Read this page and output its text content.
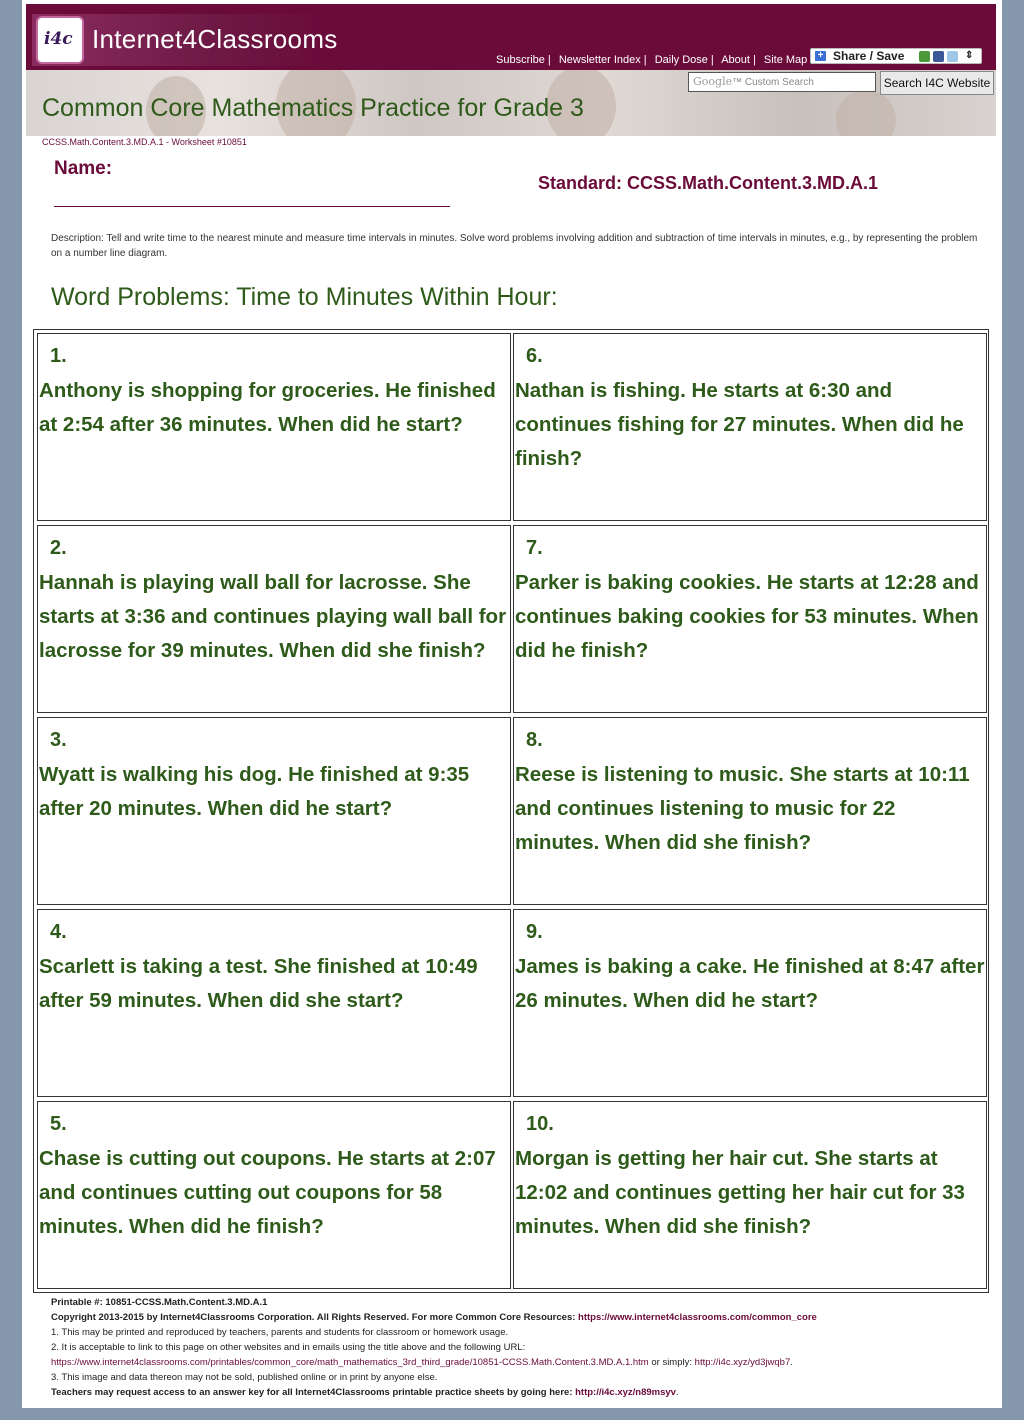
i4c Internet4Classrooms
Subscribe | Newsletter Index | Daily Dose | About | Site Map + Share / Save	⇕
Google™ Custom Search	Search I4C Website
Common Core Mathematics Practice for Grade 3
CCSS.Math.Content.3.MD.A.1 - Worksheet #10851
Name:
Standard: CCSS.Math.Content.3.MD.A.1
Description: Tell and write time to the nearest minute and measure time intervals in minutes. Solve word problems involving addition and subtraction of time intervals in minutes, e.g., by representing the problem on a number line diagram.
Word Problems: Time to Minutes Within Hour:
1.
Anthony is shopping for groceries. He finished at 2:54 after 36 minutes. When did he start?
2.
Hannah is playing wall ball for lacrosse. She starts at 3:36 and continues playing wall ball for lacrosse for 39 minutes. When did she finish?
3.
Wyatt is walking his dog. He finished at 9:35 after 20 minutes. When did he start?
4.
Scarlett is taking a test. She finished at 10:49 after 59 minutes. When did she start?
5.
Chase is cutting out coupons. He starts at 2:07 and continues cutting out coupons for 58 minutes. When did he finish?
6.
Nathan is fishing. He starts at 6:30 and continues fishing for 27 minutes. When did he finish?
7.
Parker is baking cookies. He starts at 12:28 and continues baking cookies for 53 minutes. When did he finish?
8.
Reese is listening to music. She starts at 10:11 and continues listening to music for 22 minutes. When did she finish?
9.
James is baking a cake. He finished at 8:47 after 26 minutes. When did he start?
10.
Morgan is getting her hair cut. She starts at 12:02 and continues getting her hair cut for 33 minutes. When did she finish?
Printable #: 10851-CCSS.Math.Content.3.MD.A.1
Copyright 2013-2015 by Internet4Classrooms Corporation. All Rights Reserved. For more Common Core Resources: https://www.internet4classrooms.com/common_core
1. This may be printed and reproduced by teachers, parents and students for classroom or homework usage.
2. It is acceptable to link to this page on other websites and in emails using the title above and the following URL:
https://www.internet4classrooms.com/printables/common_core/math_mathematics_3rd_third_grade/10851-CCSS.Math.Content.3.MD.A.1.htm or simply: http://i4c.xyz/yd3jwqb7.
3. This image and data thereon may not be sold, published online or in print by anyone else.
Teachers may request access to an answer key for all Internet4Classrooms printable practice sheets by going here: http://i4c.xyz/n89msyv.
